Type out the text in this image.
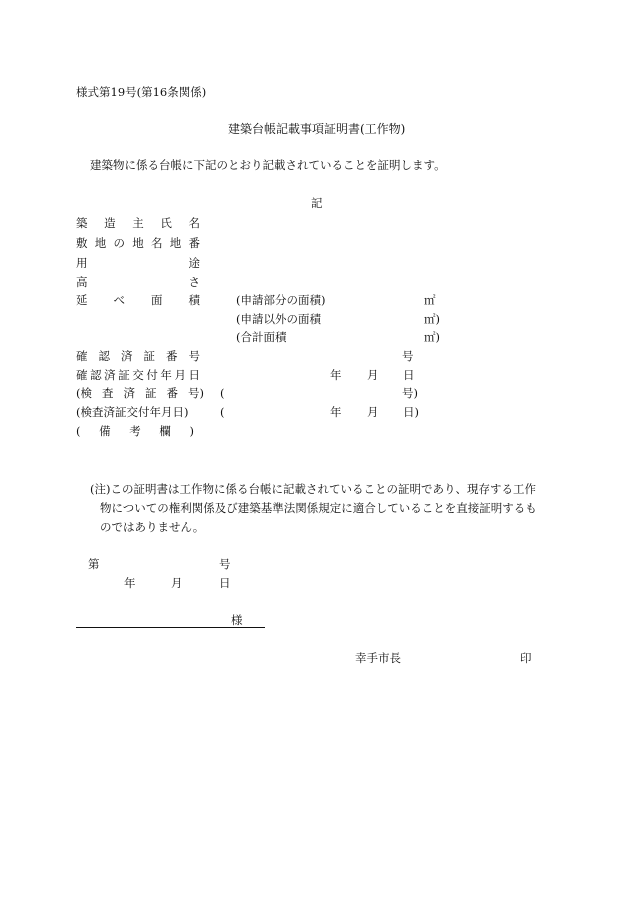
様式第19号(第16条関係)
建築台帳記載事項証明書(工作物)
建築物に係る台帳に下記のとおり記載されていることを証明します。
記
築 造 主 氏 名
敷 地 の 地 名 地 番
用	途
高	さ
延 べ 面 積	(申請部分の面積)	㎡
(申請以外の面積	㎡)
(合計面積	㎡)
確 認 済 証 番 号	号
確 認 済 証 交 付 年 月 日	年 月 日
(検 査 済 証 番 号) (	号)
(検査済証交付年月日)	(	年 月 日)
( 備 考 欄 )
(注)この証明書は工作物に係る台帳に記載されていることの証明であり、現存する工作
物についての権利関係及び建築基準法関係規定に適合していることを直接証明するも
のではありません。
第	号
年	月	日
様
幸手市長	印
